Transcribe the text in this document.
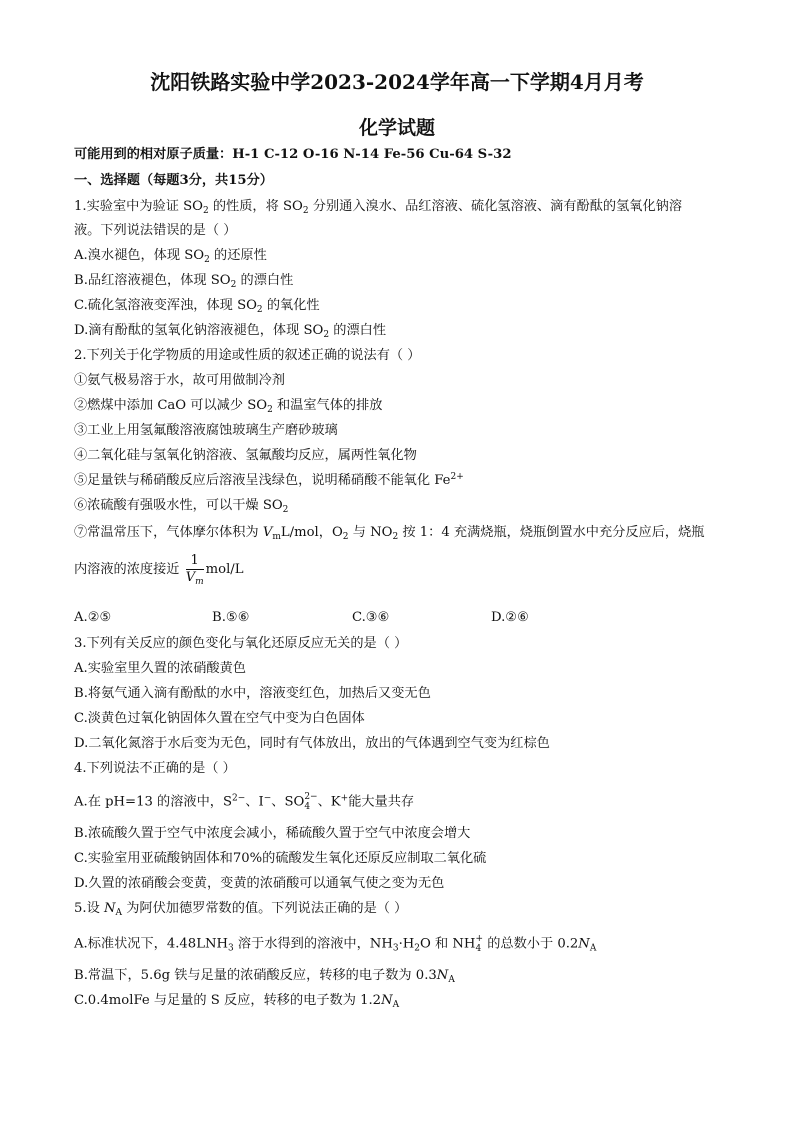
沈阳铁路实验中学2023-2024学年高一下学期4月月考
化学试题
可能用到的相对原子质量：H-1 C-12 O-16 N-14 Fe-56 Cu-64 S-32
一、选择题（每题3分，共15分）
1.实验室中为验证 $SO_2$ 的性质，将 $SO_2$ 分别通入溴水、品红溶液、硫化氢溶液、滴有酚酞的氢氧化钠溶
液。下列说法错误的是（ ）
A.溴水褪色，体现 $SO_2$ 的还原性
B.品红溶液褪色，体现 $SO_2$ 的漂白性
C.硫化氢溶液变浑浊，体现 $SO_2$ 的氧化性
D.滴有酚酞的氢氧化钠溶液褪色，体现 $SO_2$ 的漂白性
2.下列关于化学物质的用途或性质的叙述正确的说法有（ ）
①氨气极易溶于水，故可用做制冷剂
②燃煤中添加 CaO 可以减少 $SO_2$ 和温室气体的排放
③工业上用氢氟酸溶液腐蚀玻璃生产磨砂玻璃
④二氧化硅与氢氧化钠溶液、氢氟酸均反应，属两性氧化物
⑤足量铁与稀硝酸反应后溶液呈浅绿色，说明稀硝酸不能氧化 $Fe^{2+}$
⑥浓硫酸有强吸水性，可以干燥 $SO_2$
⑦常温常压下，气体摩尔体积为 $V_mL$/mol，$O_2$ 与 $NO_2$ 按 1：4 充满烧瓶，烧瓶倒置水中充分反应后，烧瓶
内溶液的浓度接近 $\frac{1}{V_m} mol/L$
A.②⑤	B.⑤⑥	C.③⑥	D.②⑥
3.下列有关反应的颜色变化与氧化还原反应无关的是（ ）
A.实验室里久置的浓硝酸黄色
B.将氨气通入滴有酚酞的水中，溶液变红色，加热后又变无色
C.淡黄色过氧化钠固体久置在空气中变为白色固体
D.二氧化氮溶于水后变为无色，同时有气体放出，放出的气体遇到空气变为红棕色
4.下列说法不正确的是（ ）
A.在 pH=13 的溶液中，$S^{2-}$、I−、SO 2−
4 、K+能大量共存
B.浓硫酸久置于空气中浓度会减小，稀硫酸久置于空气中浓度会增大
C.实验室用亚硫酸钠固体和70%的硫酸发生氧化还原反应制取二氧化硫
D.久置的浓硝酸会变黄，变黄的浓硝酸可以通氧气使之变为无色
5.设 $N_A$ 为阿伏加德罗常数的值。下列说法正确的是（ ）
A.标准状况下，$4.48LNH_3$ 溶于水得到的溶液中，$NH_3\cdot H_2O$ 和 NH +
4 的总数小于 $0.2N_A$
B.常温下，5.6g 铁与足量的浓硝酸反应，转移的电子数为 $0.3N_A$
C.0.4molFe 与足量的 S 反应，转移的电子数为 $1.2N_A$
